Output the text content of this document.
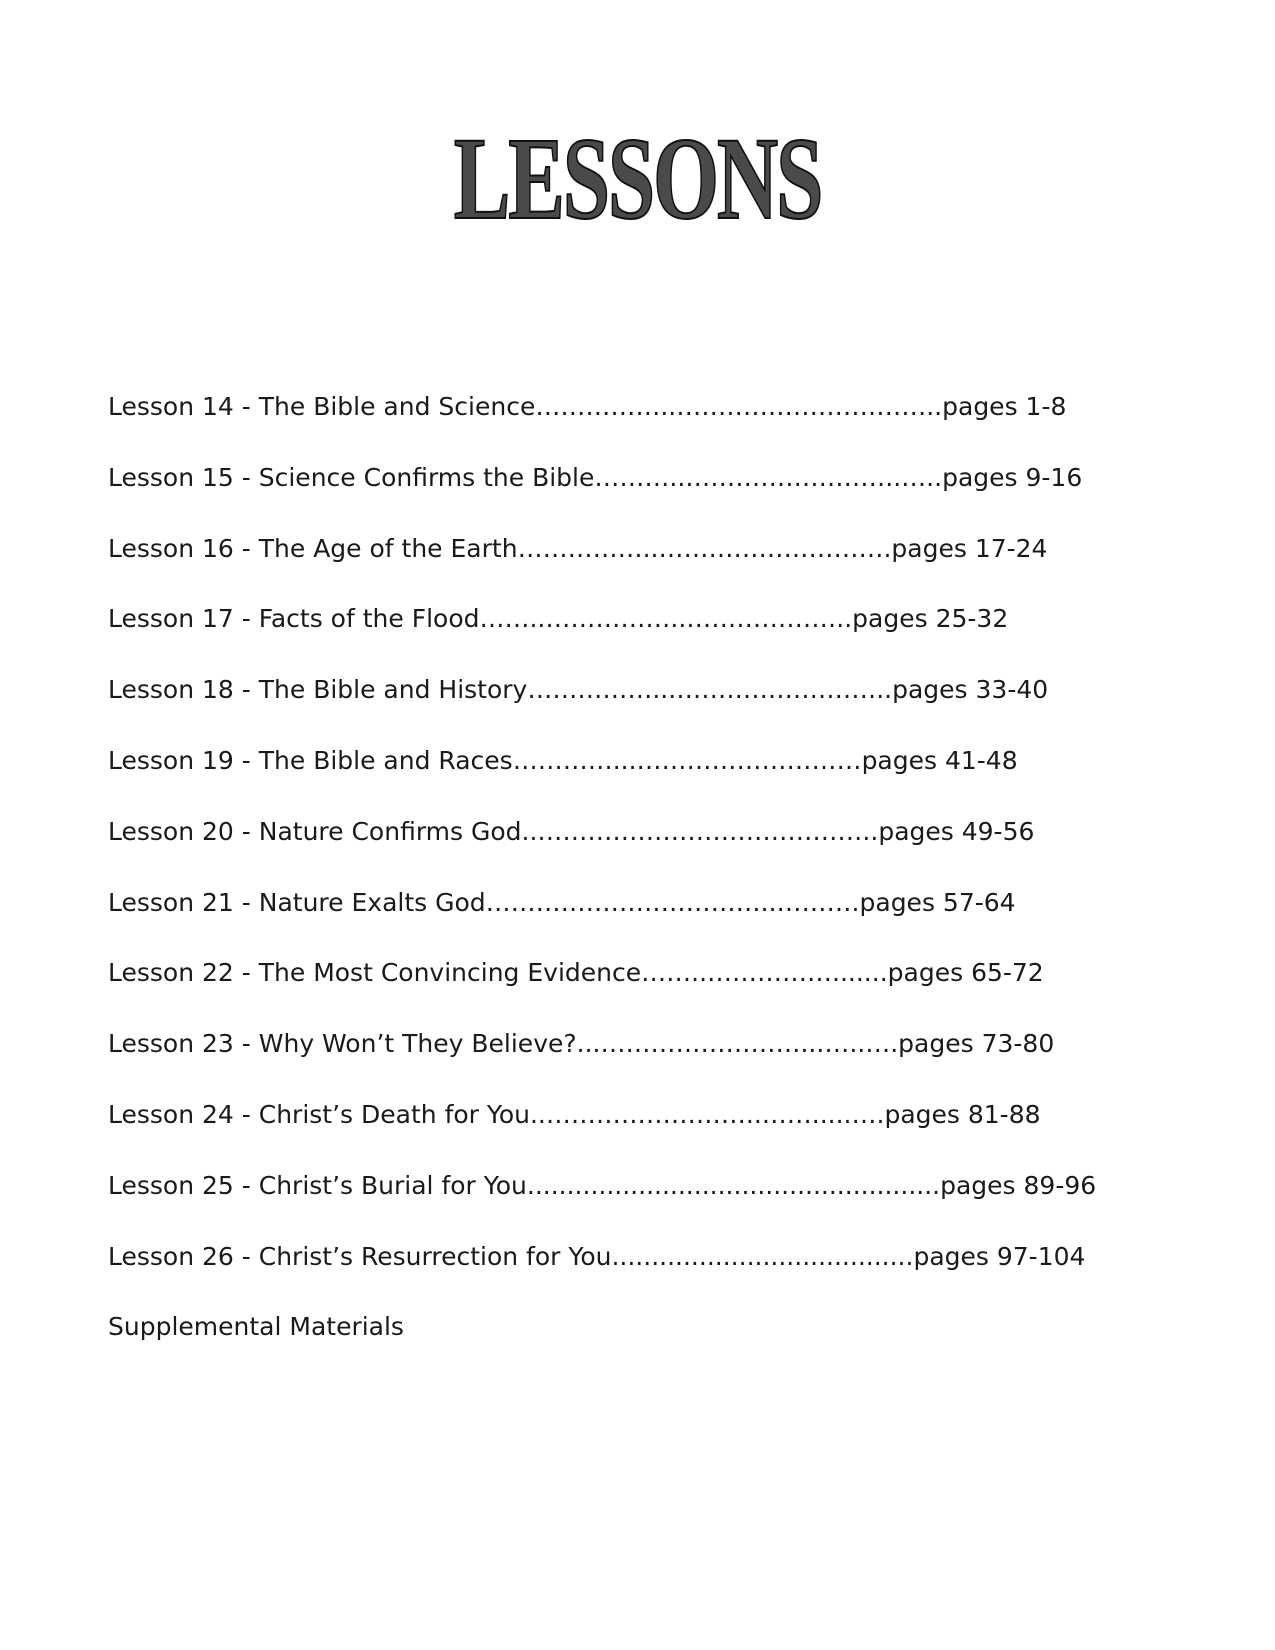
LESSONS
Lesson 14 - The Bible and Science……………..…………………………..pages 1-8
Lesson 15 - Science Confirms the Bible………..……………………..…..pages 9-16
Lesson 16 - The Age of the Earth……………..……………………….pages 17-24
Lesson 17 - Facts of the Flood……..……………..………………..pages 25-32
Lesson 18 - The Bible and History……………...……………………..pages 33-40
Lesson 19 - The Bible and Races…………...………………………pages 41-48
Lesson 20 - Nature Confirms God..…………………………………..pages 49-56
Lesson 21 - Nature Exalts God……………………………..……….pages 57-64
Lesson 22 - The Most Convincing Evidence……..…………….......pages 65-72
Lesson 23 - Why Won’t They Believe?...……………………...…..….pages 73-80
Lesson 24 - Christ’s Death for You..……………………..…….....….pages 81-88
Lesson 25 - Christ’s Burial for You....................................................pages 89-96
Lesson 26 - Christ’s Resurrection for You......................................pages 97-104
Supplemental Materials
